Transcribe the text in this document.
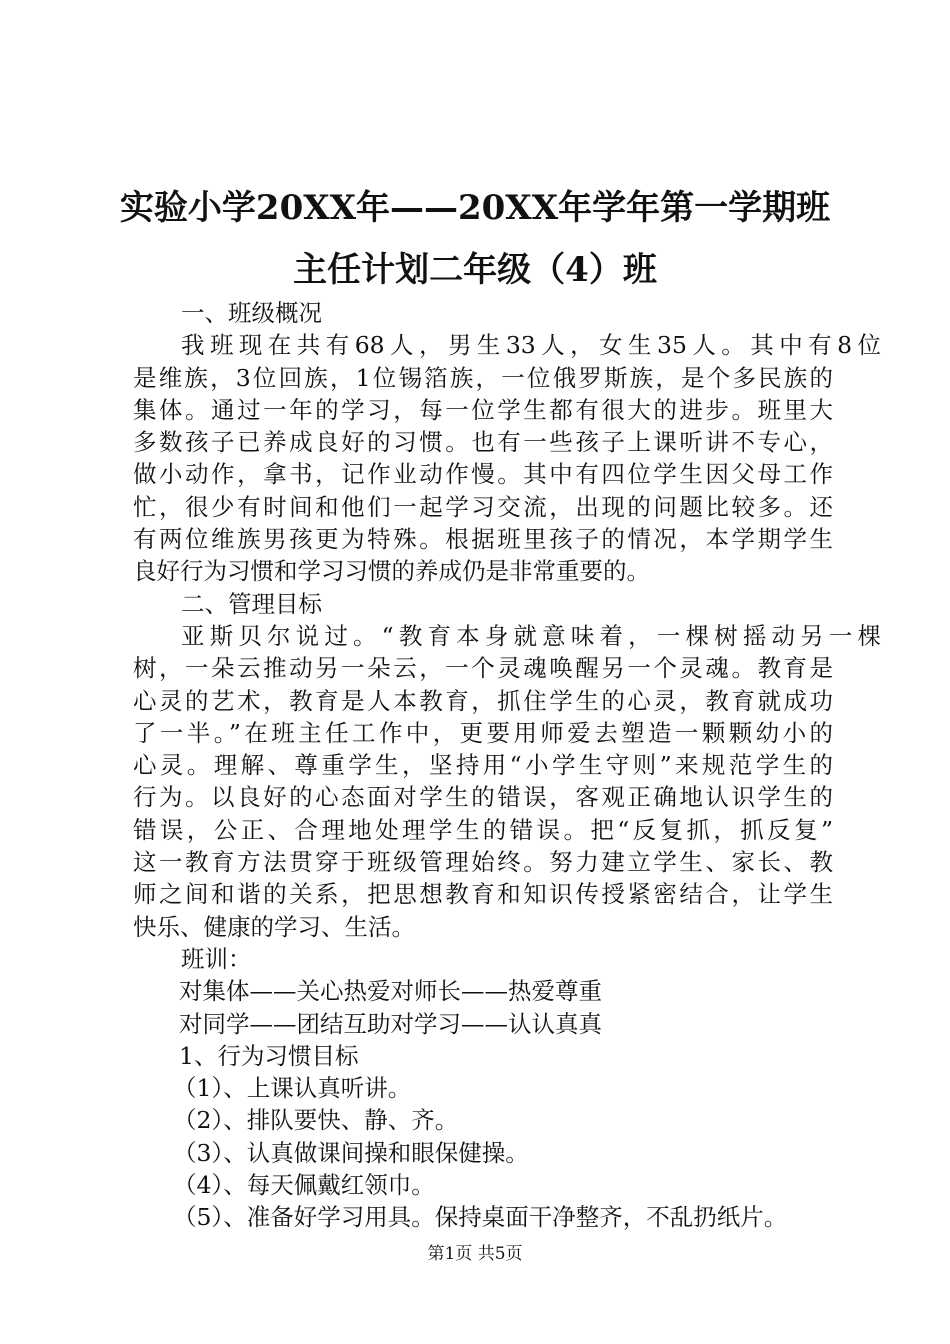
实验小学20XX年——20XX年学年第一学期班
主任计划二年级（4）班
一、班级概况
我班现在共有68人，男生33人，女生35人。其中有8位
是维族，3位回族，1位锡箔族，一位俄罗斯族，是个多民族的
集体。通过一年的学习，每一位学生都有很大的进步。班里大
多数孩子已养成良好的习惯。也有一些孩子上课听讲不专心，
做小动作，拿书，记作业动作慢。其中有四位学生因父母工作
忙，很少有时间和他们一起学习交流，出现的问题比较多。还
有两位维族男孩更为特殊。根据班里孩子的情况，本学期学生
良好行为习惯和学习习惯的养成仍是非常重要的。
二、管理目标
亚斯贝尔说过。“教育本身就意味着，一棵树摇动另一棵
树，一朵云推动另一朵云，一个灵魂唤醒另一个灵魂。教育是
心灵的艺术，教育是人本教育，抓住学生的心灵，教育就成功
了一半。”在班主任工作中，更要用师爱去塑造一颗颗幼小的
心灵。理解、尊重学生，坚持用“小学生守则”来规范学生的
行为。以良好的心态面对学生的错误，客观正确地认识学生的
错误，公正、合理地处理学生的错误。把“反复抓，抓反复”
这一教育方法贯穿于班级管理始终。努力建立学生、家长、教
师之间和谐的关系，把思想教育和知识传授紧密结合，让学生
快乐、健康的学习、生活。
班训：
对集体——关心热爱对师长——热爱尊重
对同学——团结互助对学习——认认真真
1、行为习惯目标
（1）、上课认真听讲。
（2）、排队要快、静、齐。
（3）、认真做课间操和眼保健操。
（4）、每天佩戴红领巾。
（5）、准备好学习用具。保持桌面干净整齐，不乱扔纸片。
第1页 共5页
